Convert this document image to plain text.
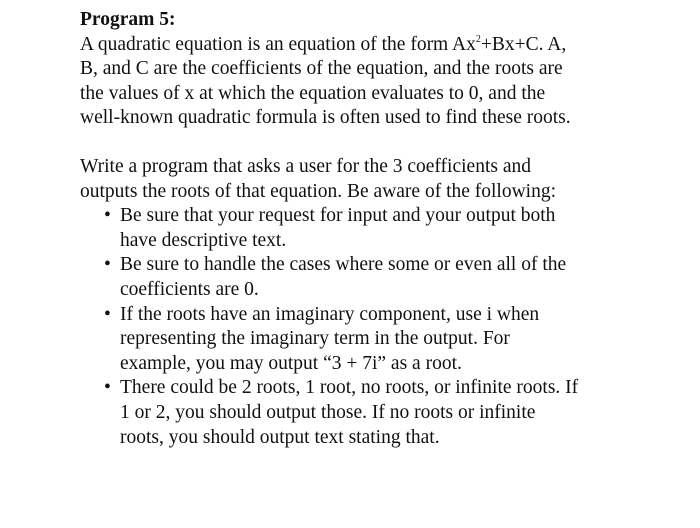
Program 5:

A quadratic equation is an equation of the form $Ax^2+Bx+C$. A,
B, and C are the coefficients of the equation, and the roots are
the values of x at which the equation evaluates to 0, and the
well-known quadratic formula is often used to find these roots.

Write a program that asks a user for the 3 coefficients and
outputs the roots of that equation. Be aware of the following:

• Be sure that your request for input and your output both
have descriptive text.
• Be sure to handle the cases where some or even all of the
coefficients are 0.
• If the roots have an imaginary component, use i when
representing the imaginary term in the output. For
example, you may output “3 + 7i” as a root.
• There could be 2 roots, 1 root, no roots, or infinite roots. If
1 or 2, you should output those. If no roots or infinite
roots, you should output text stating that.
